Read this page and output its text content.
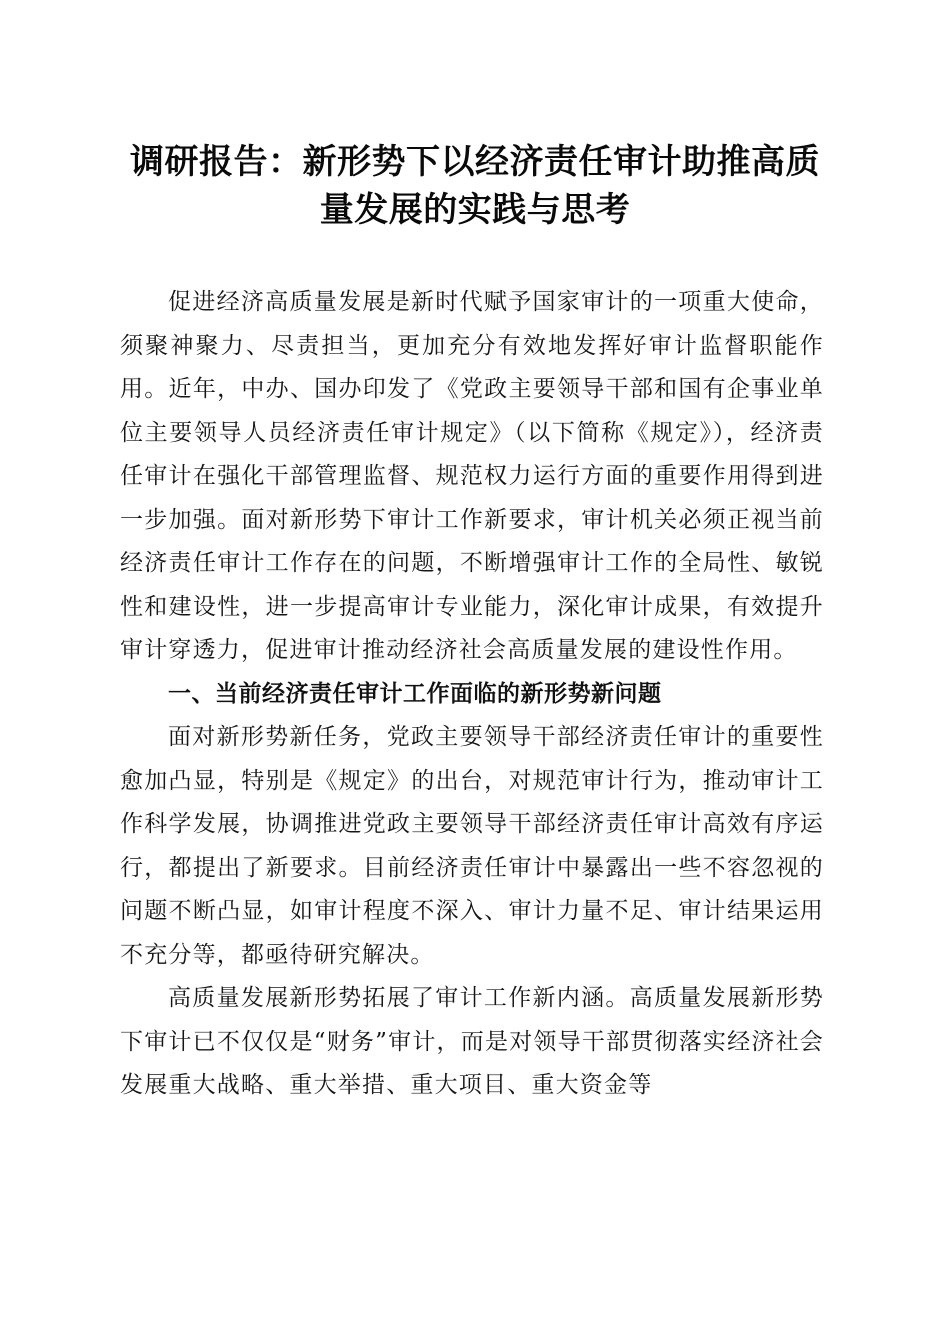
调研报告：新形势下以经济责任审计助推高质
量发展的实践与思考

促进经济高质量发展是新时代赋予国家审计的一项重大使命，须聚神聚力、尽责担当，更加充分有效地发挥好审计监督职能作用。近年，中办、国办印发了《党政主要领导干部和国有企事业单位主要领导人员经济责任审计规定》（以下简称《规定》），经济责任审计在强化干部管理监督、规范权力运行方面的重要作用得到进一步加强。面对新形势下审计工作新要求，审计机关必须正视当前经济责任审计工作存在的问题，不断增强审计工作的全局性、敏锐性和建设性，进一步提高审计专业能力，深化审计成果，有效提升审计穿透力，促进审计推动经济社会高质量发展的建设性作用。

一、当前经济责任审计工作面临的新形势新问题

面对新形势新任务，党政主要领导干部经济责任审计的重要性愈加凸显，特别是《规定》的出台，对规范审计行为，推动审计工作科学发展，协调推进党政主要领导干部经济责任审计高效有序运行，都提出了新要求。目前经济责任审计中暴露出一些不容忽视的问题不断凸显，如审计程度不深入、审计力量不足、审计结果运用不充分等，都亟待研究解决。

高质量发展新形势拓展了审计工作新内涵。高质量发展新形势下审计已不仅仅是“财务”审计，而是对领导干部贯彻落实经济社会发展重大战略、重大举措、重大项目、重大资金等
